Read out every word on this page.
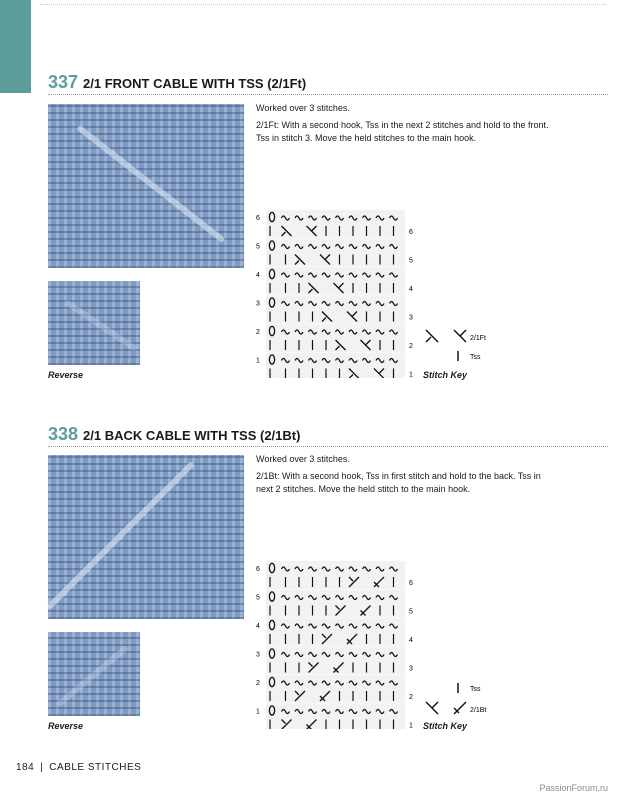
337 2/1 FRONT CABLE WITH TSS (2/1Ft)
Reverse

Worked over 3 stitches.

2/1Ft: With a second hook, Tss in the next 2 stitches and hold to the front. Tss in stitch 3. Move the held stitches to the main hook.

6
6
5
5
4
4
3
3
2
2
1
1
2/1Ft
Tss
Stitch Key
338 2/1 BACK CABLE WITH TSS (2/1Bt)
Reverse

Worked over 3 stitches.

2/1Bt: With a second hook, Tss in first stitch and hold to the back. Tss in next 2 stitches. Move the held stitch to the main hook.

6
6
5
5
4
4
3
3
2
2
1
1
Tss
2/1Bt
Stitch Key
184 | CABLE STITCHES
PassionForum.ru
